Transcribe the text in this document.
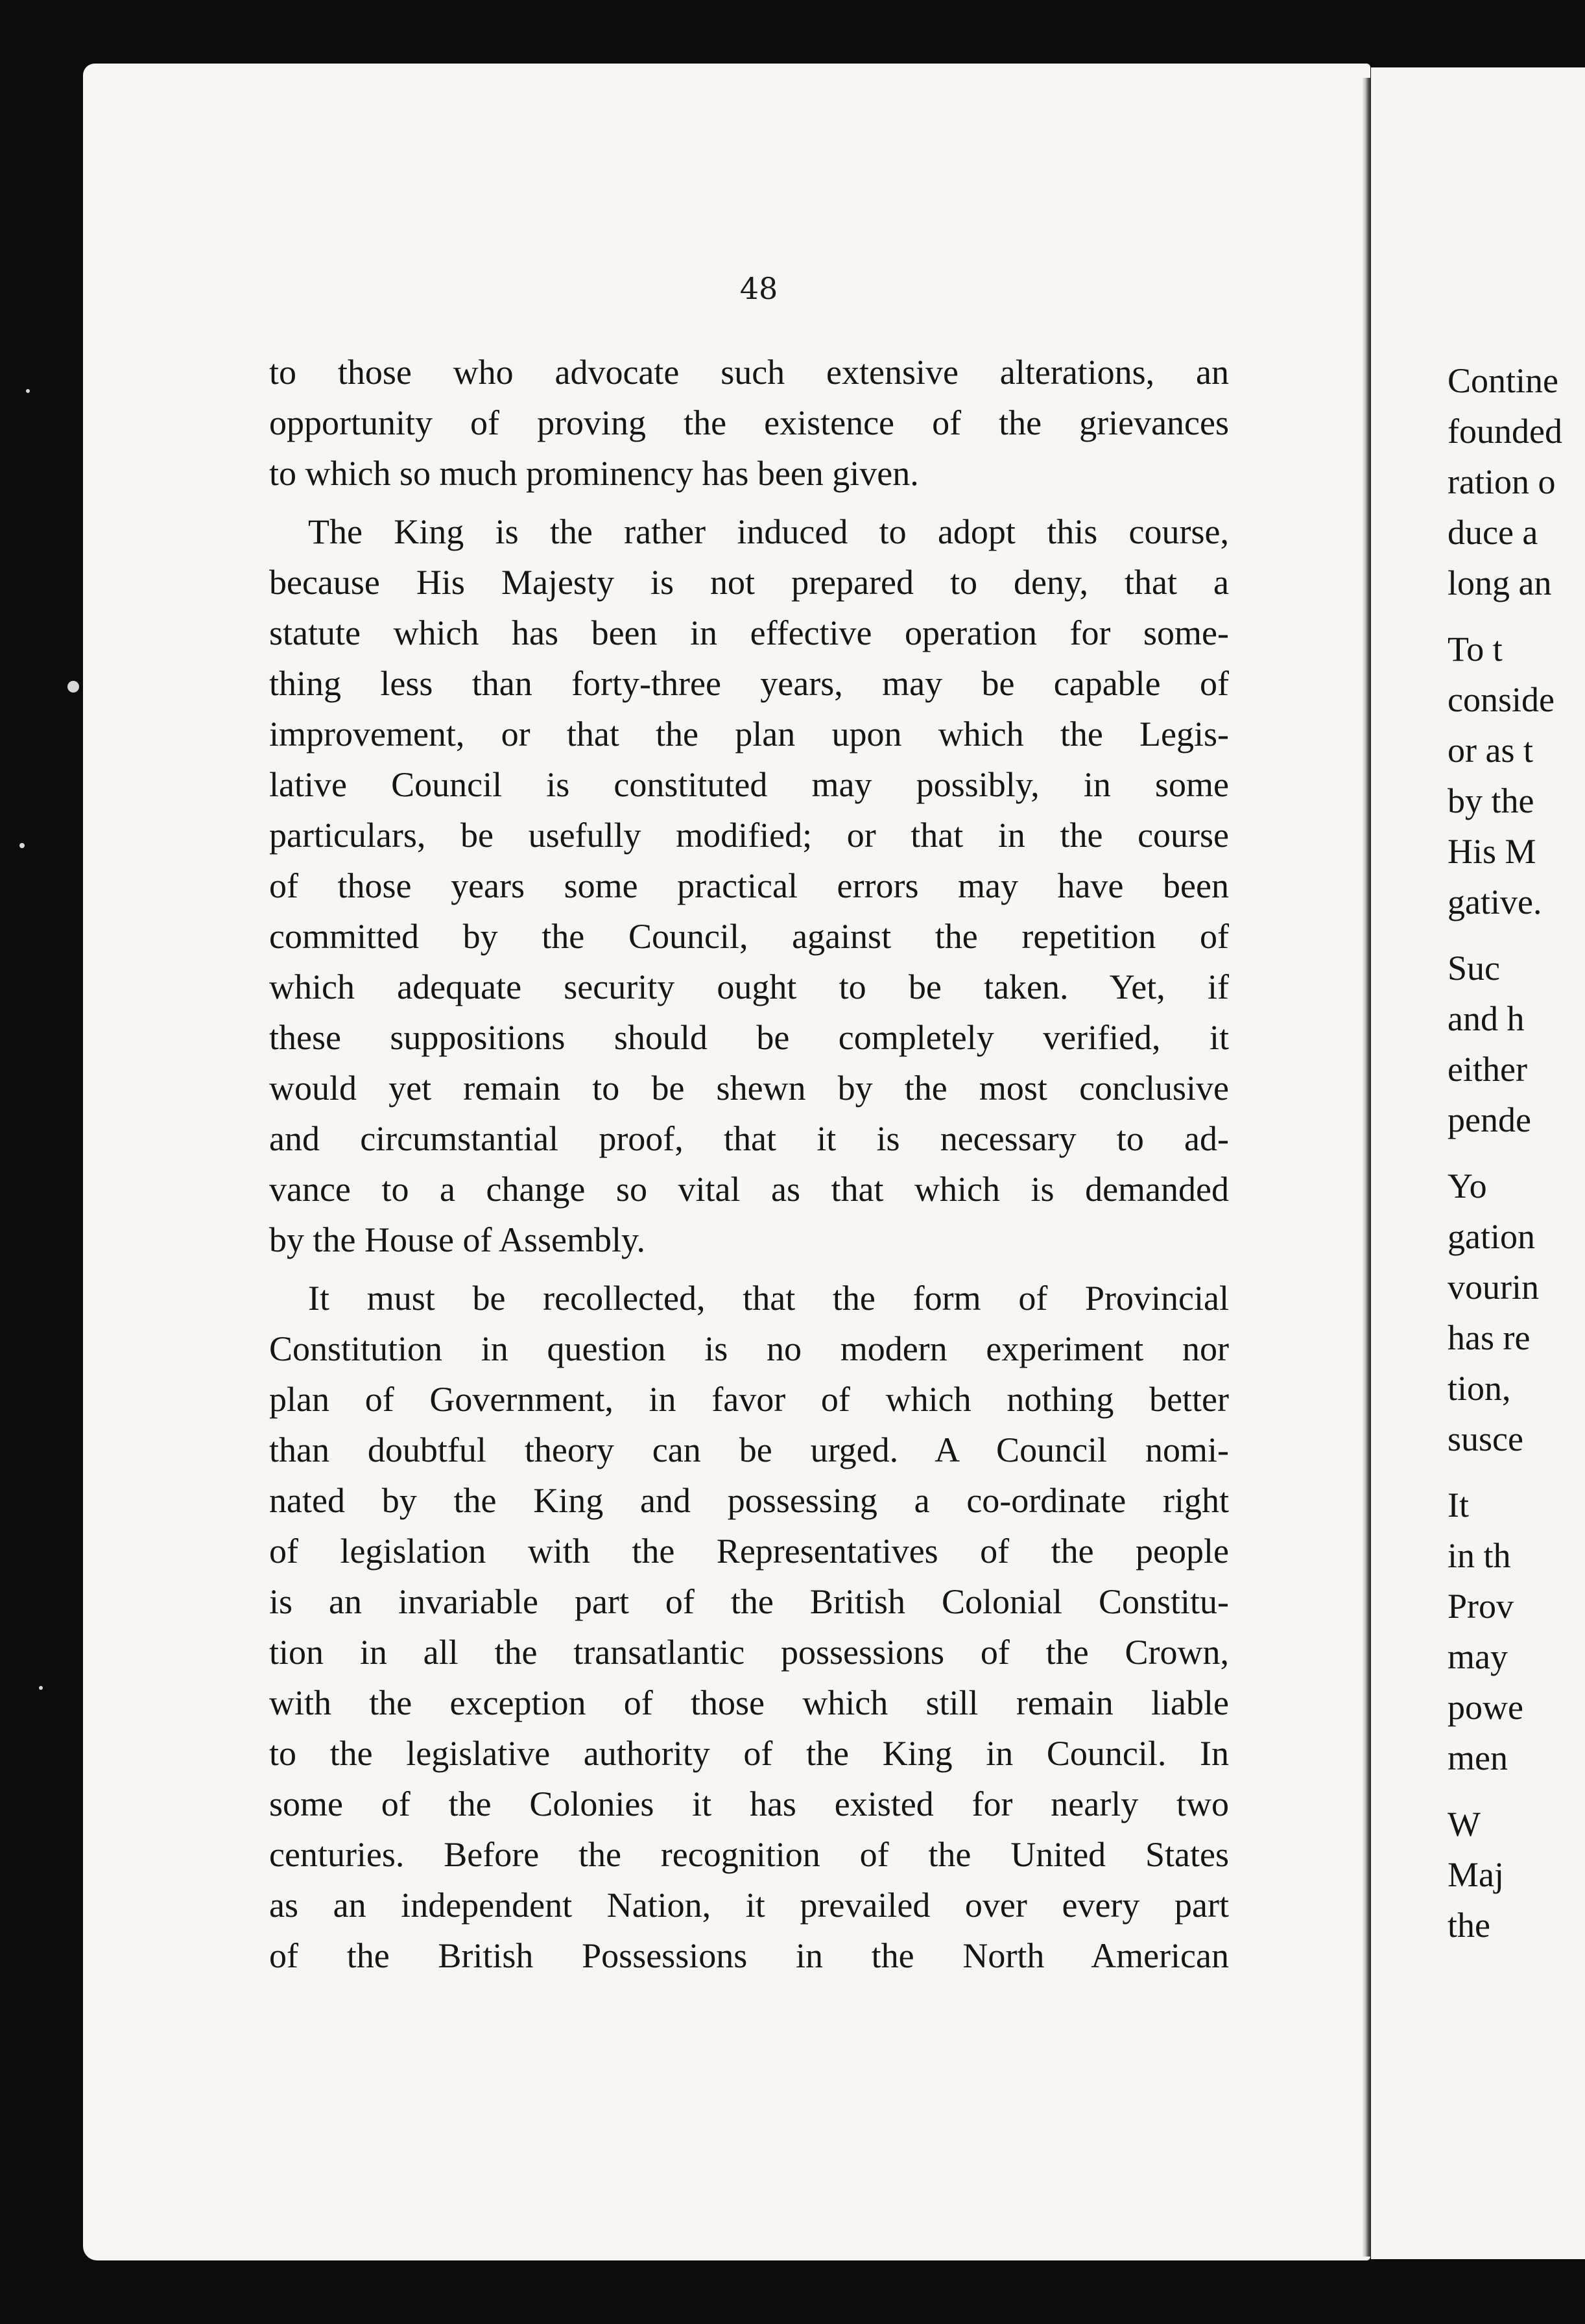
48
to those who advocate such extensive alterations, an
opportunity of proving the existence of the grievances
to which so much prominency has been given.
The King is the rather induced to adopt this course,
because His Majesty is not prepared to deny, that a
statute which has been in effective operation for some-
thing less than forty-three years, may be capable of
improvement, or that the plan upon which the Legis-
lative Council is constituted may possibly, in some
particulars, be usefully modified; or that in the course
of those years some practical errors may have been
committed by the Council, against the repetition of
which adequate security ought to be taken. Yet, if
these suppositions should be completely verified, it
would yet remain to be shewn by the most conclusive
and circumstantial proof, that it is necessary to ad-
vance to a change so vital as that which is demanded
by the House of Assembly.
It must be recollected, that the form of Provincial
Constitution in question is no modern experiment nor
plan of Government, in favor of which nothing better
than doubtful theory can be urged. A Council nomi-
nated by the King and possessing a co-ordinate right
of legislation with the Representatives of the people
is an invariable part of the British Colonial Constitu-
tion in all the transatlantic possessions of the Crown,
with the exception of those which still remain liable
to the legislative authority of the King in Council. In
some of the Colonies it has existed for nearly two
centuries. Before the recognition of the United States
as an independent Nation, it prevailed over every part
of the British Possessions in the North American
Contine
founded
ration o
duce a
long an
To t
conside
or as t
by the
His M
gative.
Suc
and h
either
pende
Yo
gation
vourin
has re
tion,
susce
It
in th
Prov
may
powe
men
W
Maj
the
